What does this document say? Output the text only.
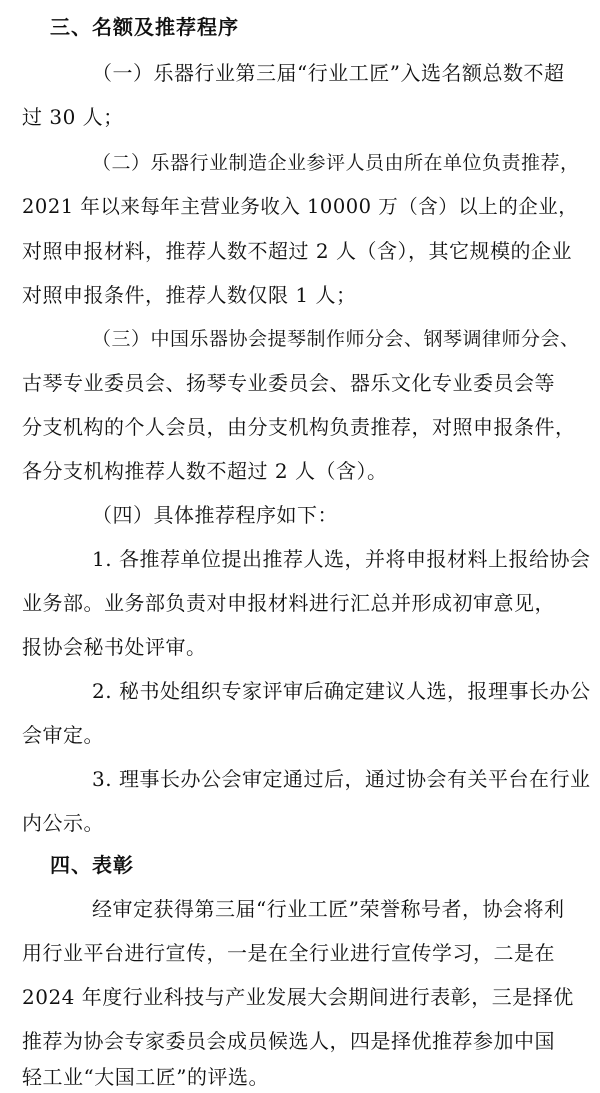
三、名额及推荐程序
（一）乐器行业第三届“行业工匠”入选名额总数不超
过 30 人；
（二）乐器行业制造企业参评人员由所在单位负责推荐，
2021 年以来每年主营业务收入 10000 万（含）以上的企业，
对照申报材料，推荐人数不超过 2 人（含），其它规模的企业
对照申报条件，推荐人数仅限 1 人；
（三）中国乐器协会提琴制作师分会、钢琴调律师分会、
古琴专业委员会、扬琴专业委员会、器乐文化专业委员会等
分支机构的个人会员，由分支机构负责推荐，对照申报条件，
各分支机构推荐人数不超过 2 人（含）。
（四）具体推荐程序如下：
1. 各推荐单位提出推荐人选，并将申报材料上报给协会
业务部。业务部负责对申报材料进行汇总并形成初审意见，
报协会秘书处评审。
2. 秘书处组织专家评审后确定建议人选，报理事长办公
会审定。
3. 理事长办公会审定通过后，通过协会有关平台在行业
内公示。
四、表彰
经审定获得第三届“行业工匠”荣誉称号者，协会将利
用行业平台进行宣传，一是在全行业进行宣传学习，二是在
2024 年度行业科技与产业发展大会期间进行表彰，三是择优
推荐为协会专家委员会成员候选人，四是择优推荐参加中国
轻工业“大国工匠”的评选。
